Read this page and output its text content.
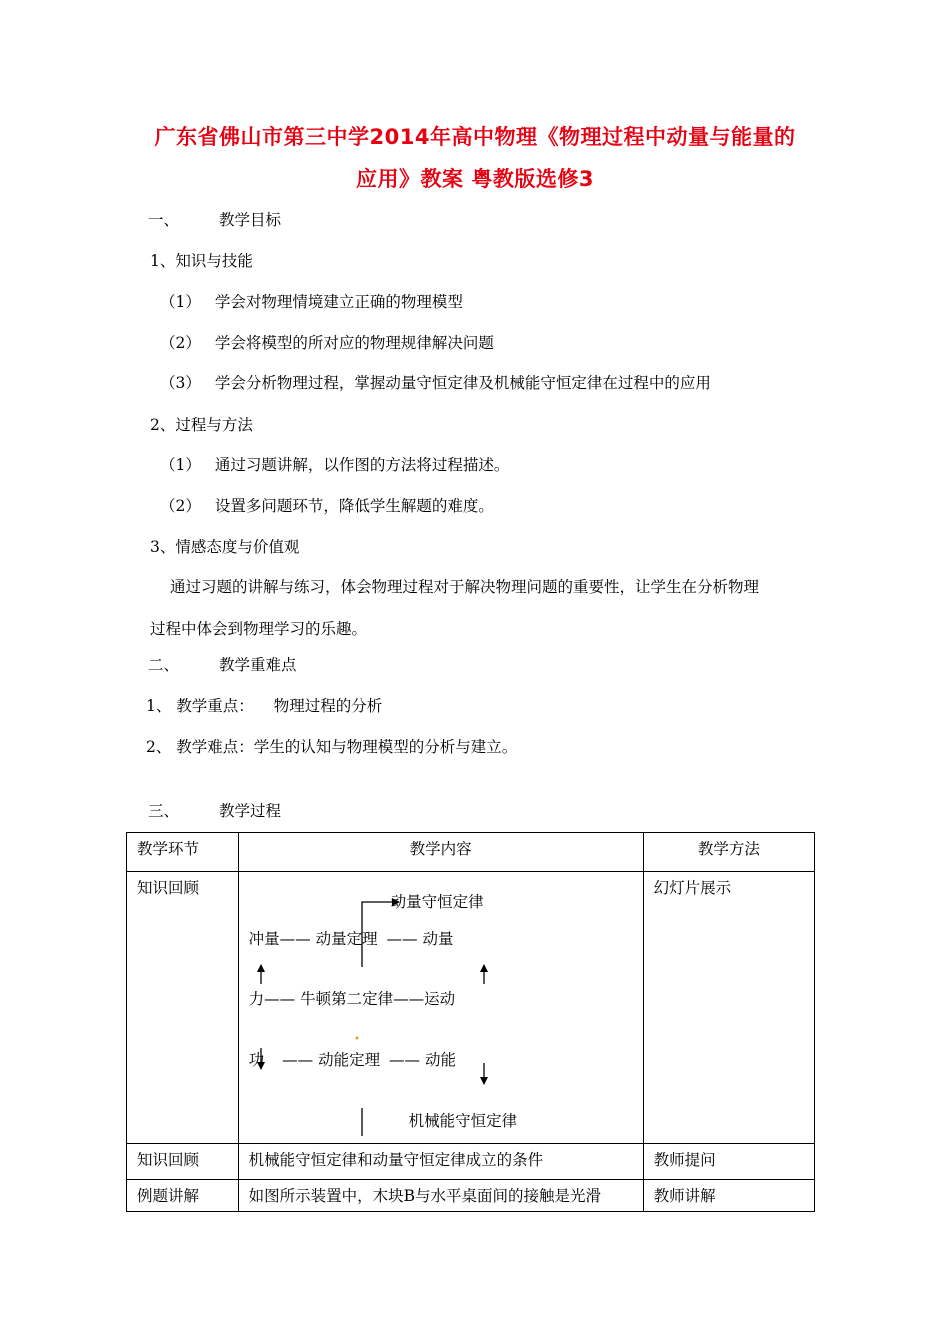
广东省佛山市第三中学2014年高中物理《物理过程中动量与能量的
应用》教案 粤教版选修3
一、	教学目标
1、知识与技能
（1） 学会对物理情境建立正确的物理模型
（2） 学会将模型的所对应的物理规律解决问题
（3） 学会分析物理过程，掌握动量守恒定律及机械能守恒定律在过程中的应用
2、过程与方法
（1） 通过习题讲解，以作图的方法将过程描述。
（2） 设置多问题环节，降低学生解题的难度。
3、情感态度与价值观
通过习题的讲解与练习，体会物理过程对于解决物理问题的重要性，让学生在分析物理
过程中体会到物理学习的乐趣。
二、	教学重难点
1、 教学重点： 物理过程的分析
2、 教学难点：学生的认知与物理模型的分析与建立。
三、	教学过程
教学环节	教学内容	教学方法

知识回顾	动量守恒定律
冲量—— 动量定理 —— 动量
力—— 牛顿第二定律——运动
功 —— 动能定理 —— 动能
机械能守恒定律	幻灯片展示

知识回顾	机械能守恒定律和动量守恒定律成立的条件	教师提问

例题讲解	如图所示装置中，木块B与水平桌面间的接触是光滑	教师讲解
